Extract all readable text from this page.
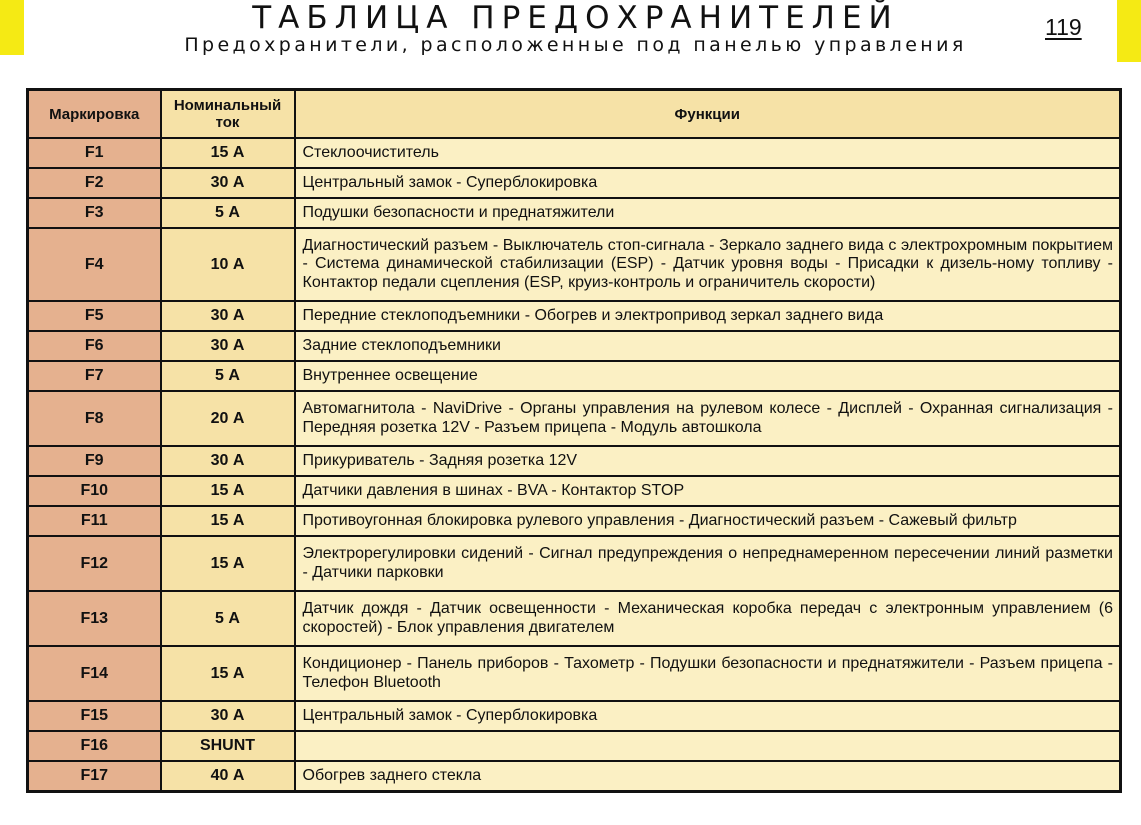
ТАБЛИЦА ПРЕДОХРАНИТЕЛЕЙ
Предохранители, расположенные под панелью управления
119
Маркировка	Номинальный ток	Функции
F1	15 А	Стеклоочиститель
F2	30 А	Центральный замок - Суперблокировка
F3	5 А	Подушки безопасности и преднатяжители
F4	10 А	Диагностический разъем - Выключатель стоп-сигнала - Зеркало заднего вида с электрохромным покрытием - Система динамической стабилизации (ESP) - Датчик уровня воды - Присадки к дизель-ному топливу - Контактор педали сцепления (ESP, круиз-контроль и ограничитель скорости)
F5	30 А	Передние стеклоподъемники - Обогрев и электропривод зеркал заднего вида
F6	30 А	Задние стеклоподъемники
F7	5 А	Внутреннее освещение
F8	20 А	Автомагнитола - NaviDrive - Органы управления на рулевом колесе - Дисплей - Охранная сигнализация - Передняя розетка 12V - Разъем прицепа - Модуль автошкола
F9	30 А	Прикуриватель - Задняя розетка 12V
F10	15 А	Датчики давления в шинах - BVA - Контактор STOP
F11	15 А	Противоугонная блокировка рулевого управления - Диагностический разъем - Сажевый фильтр
F12	15 А	Электрорегулировки сидений - Сигнал предупреждения о непреднамеренном пересечении линий разметки - Датчики парковки
F13	5 А	Датчик дождя - Датчик освещенности - Механическая коробка передач с электронным управлением (6 скоростей) - Блок управления двигателем
F14	15 А	Кондиционер - Панель приборов - Тахометр - Подушки безопасности и преднатяжители - Разъем прицепа - Телефон Bluetooth
F15	30 А	Центральный замок - Суперблокировка
F16	SHUNT	
F17	40 А	Обогрев заднего стекла
